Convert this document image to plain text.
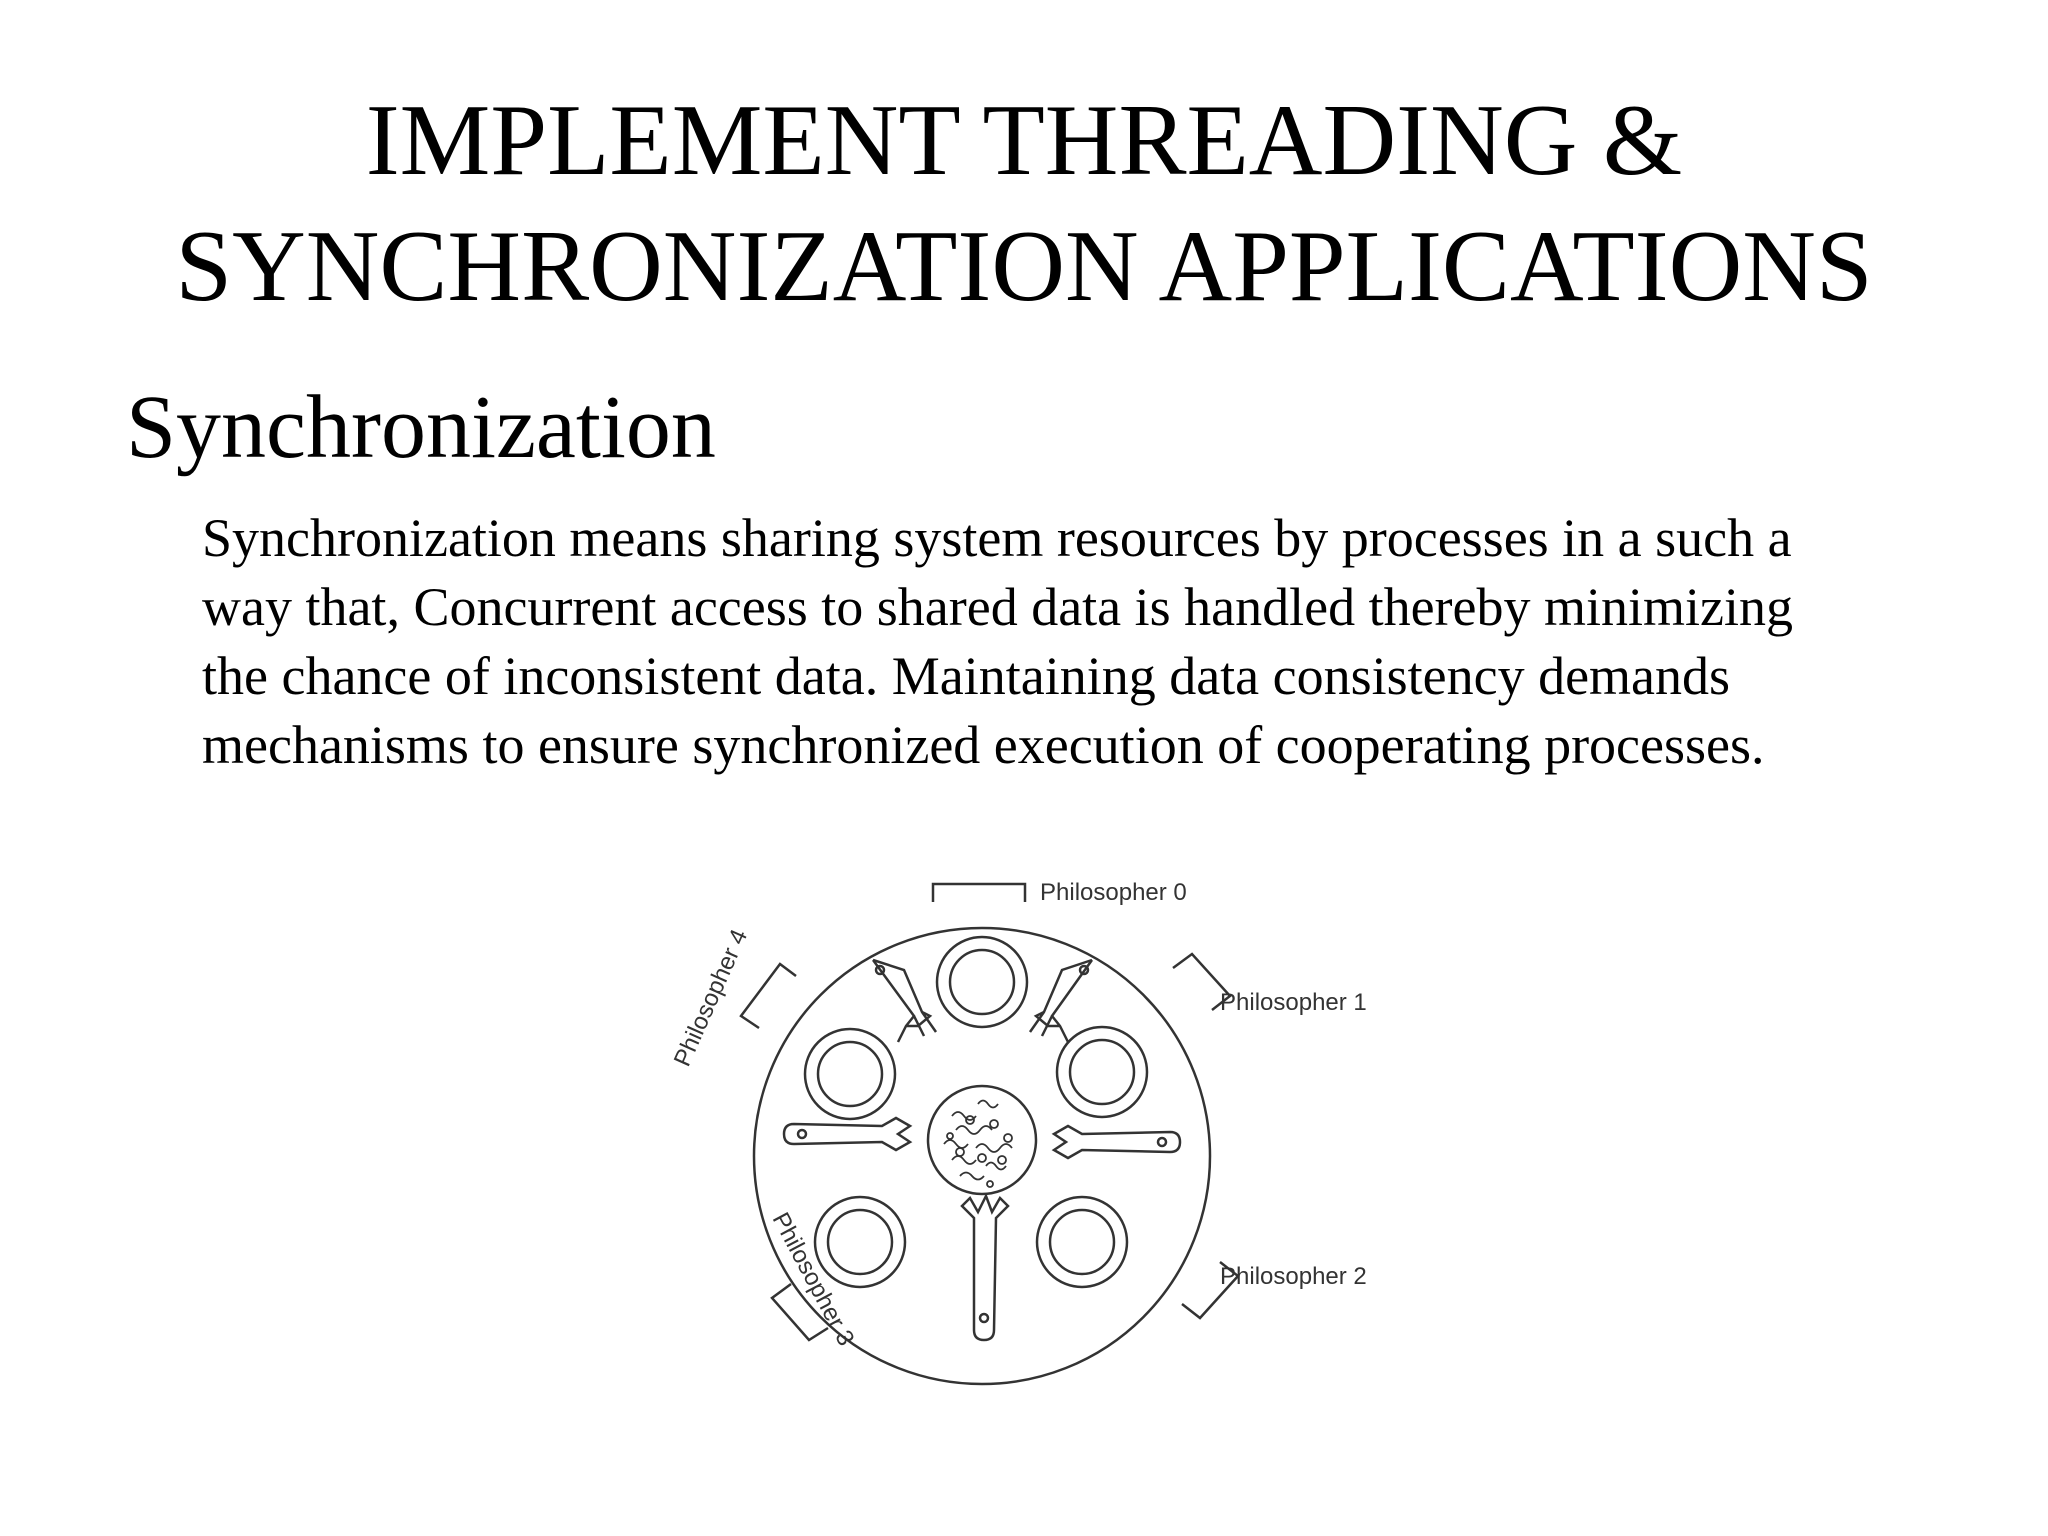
IMPLEMENT THREADING &
SYNCHRONIZATION APPLICATIONS
Synchronization
Synchronization means sharing system resources by processes in a such a
way that, Concurrent access to shared data is handled thereby minimizing
the chance of inconsistent data. Maintaining data consistency demands
mechanisms to ensure synchronized execution of cooperating processes.
Philosopher 0
Philosopher 1
Philosopher 2
Philosopher 3
Philosopher 4
